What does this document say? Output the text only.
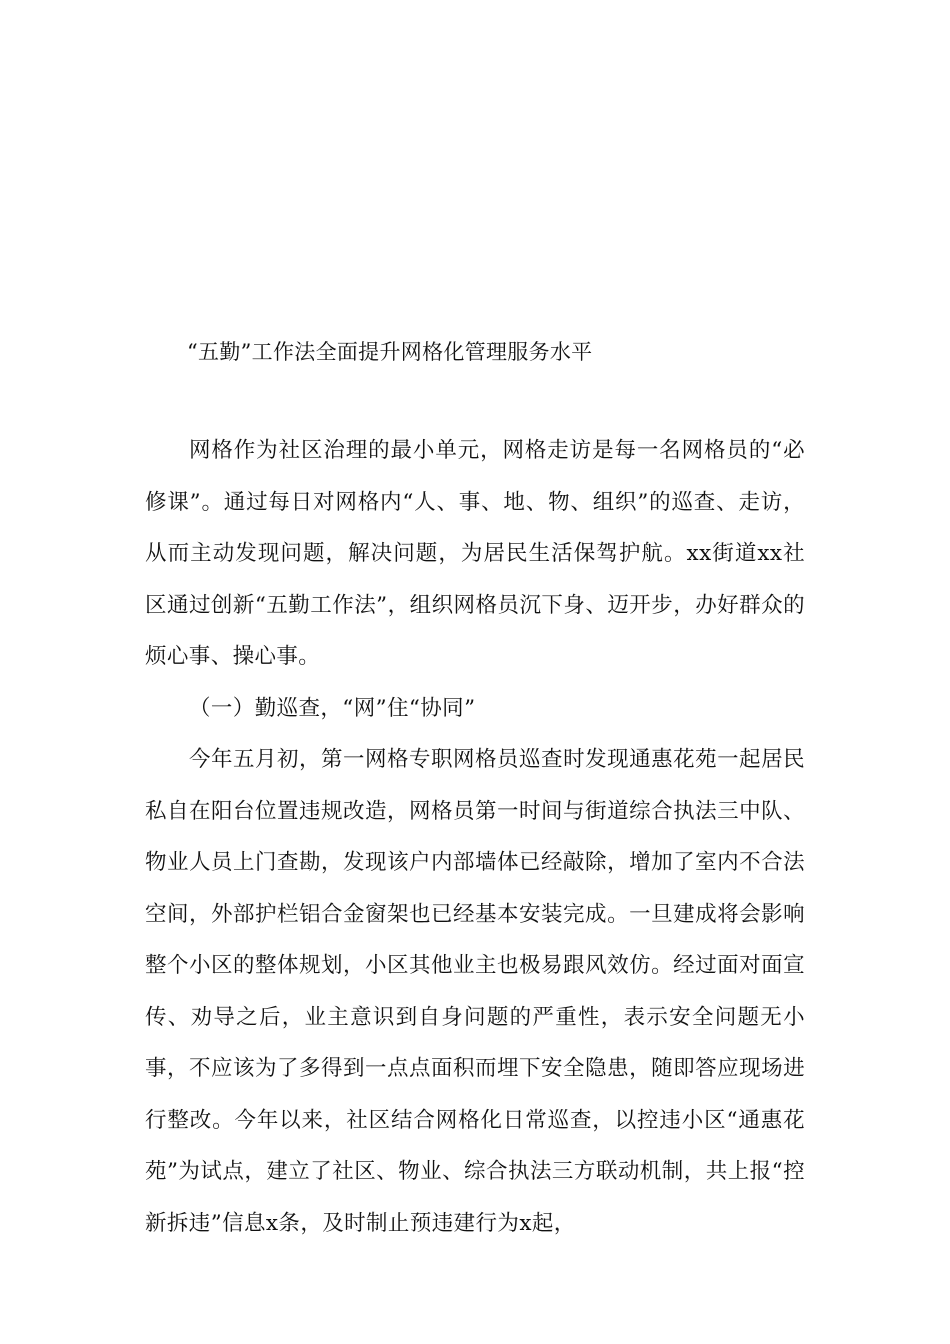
“五勤”工作法全面提升网格化管理服务水平

网格作为社区治理的最小单元，网格走访是每一名网格员的“必修课”。通过每日对网格内“人、事、地、物、组织”的巡查、走访，从而主动发现问题，解决问题，为居民生活保驾护航。xx街道xx社区通过创新“五勤工作法”，组织网格员沉下身、迈开步，办好群众的烦心事、操心事。

（一）勤巡查，“网”住“协同”

今年五月初，第一网格专职网格员巡查时发现通惠花苑一起居民私自在阳台位置违规改造，网格员第一时间与街道综合执法三中队、物业人员上门查勘，发现该户内部墙体已经敲除，增加了室内不合法空间，外部护栏铝合金窗架也已经基本安装完成。一旦建成将会影响整个小区的整体规划，小区其他业主也极易跟风效仿。经过面对面宣传、劝导之后，业主意识到自身问题的严重性，表示安全问题无小事，不应该为了多得到一点点面积而埋下安全隐患，随即答应现场进行整改。今年以来，社区结合网格化日常巡查，以控违小区“通惠花苑”为试点，建立了社区、物业、综合执法三方联动机制，共上报“控新拆违”信息x条，及时制止预违建行为x起，
